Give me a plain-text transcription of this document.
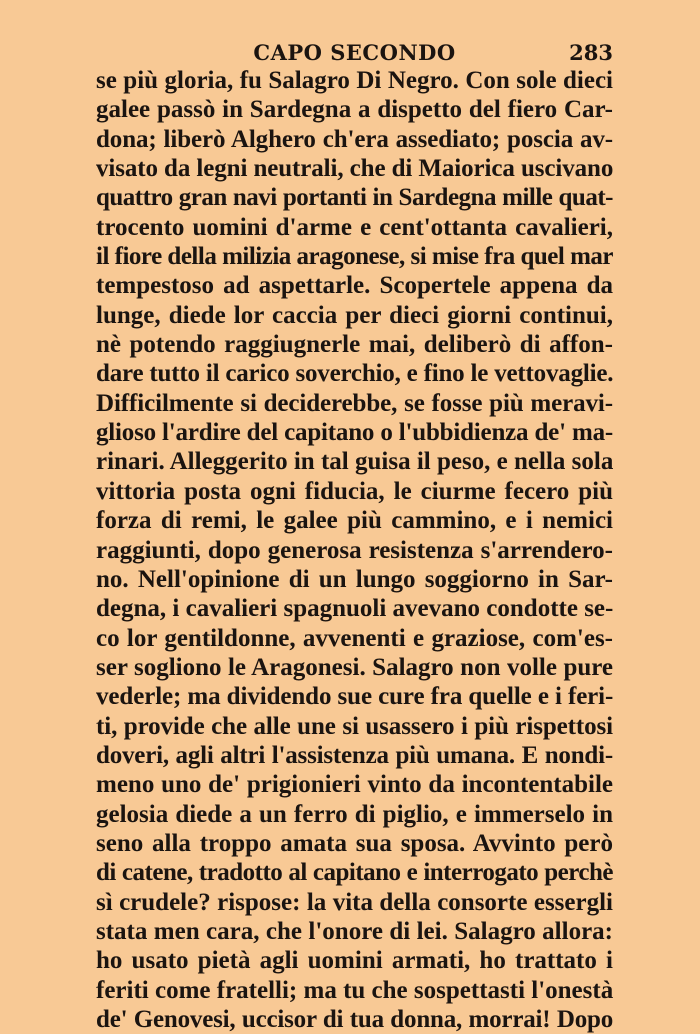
CAPO SECONDO	283
se più gloria, fu Salagro Di Negro. Con sole dieci
galee passò in Sardegna a dispetto del fiero Car-
dona; liberò Alghero ch'era assediato; poscia av-
visato da legni neutrali, che di Maiorica uscivano
quattro gran navi portanti in Sardegna mille quat-
trocento uomini d'arme e cent'ottanta cavalieri,
il fiore della milizia aragonese, si mise fra quel mar
tempestoso ad aspettarle. Scopertele appena da
lunge, diede lor caccia per dieci giorni continui,
nè potendo raggiugnerle mai, deliberò di affon-
dare tutto il carico soverchio, e fino le vettovaglie.
Difficilmente si deciderebbe, se fosse più meravi-
glioso l'ardire del capitano o l'ubbidienza de' ma-
rinari. Alleggerito in tal guisa il peso, e nella sola
vittoria posta ogni fiducia, le ciurme fecero più
forza di remi, le galee più cammino, e i nemici
raggiunti, dopo generosa resistenza s'arrendero-
no. Nell'opinione di un lungo soggiorno in Sar-
degna, i cavalieri spagnuoli avevano condotte se-
co lor gentildonne, avvenenti e graziose, com'es-
ser sogliono le Aragonesi. Salagro non volle pure
vederle; ma dividendo sue cure fra quelle e i feri-
ti, provide che alle une si usassero i più rispettosi
doveri, agli altri l'assistenza più umana. E nondi-
meno uno de' prigionieri vinto da incontentabile
gelosia diede a un ferro di piglio, e immerselo in
seno alla troppo amata sua sposa. Avvinto però
di catene, tradotto al capitano e interrogato perchè
sì crudele? rispose: la vita della consorte essergli
stata men cara, che l'onore di lei. Salagro allora:
ho usato pietà agli uomini armati, ho trattato i
feriti come fratelli; ma tu che sospettasti l'onestà
de' Genovesi, uccisor di tua donna, morrai! Dopo
